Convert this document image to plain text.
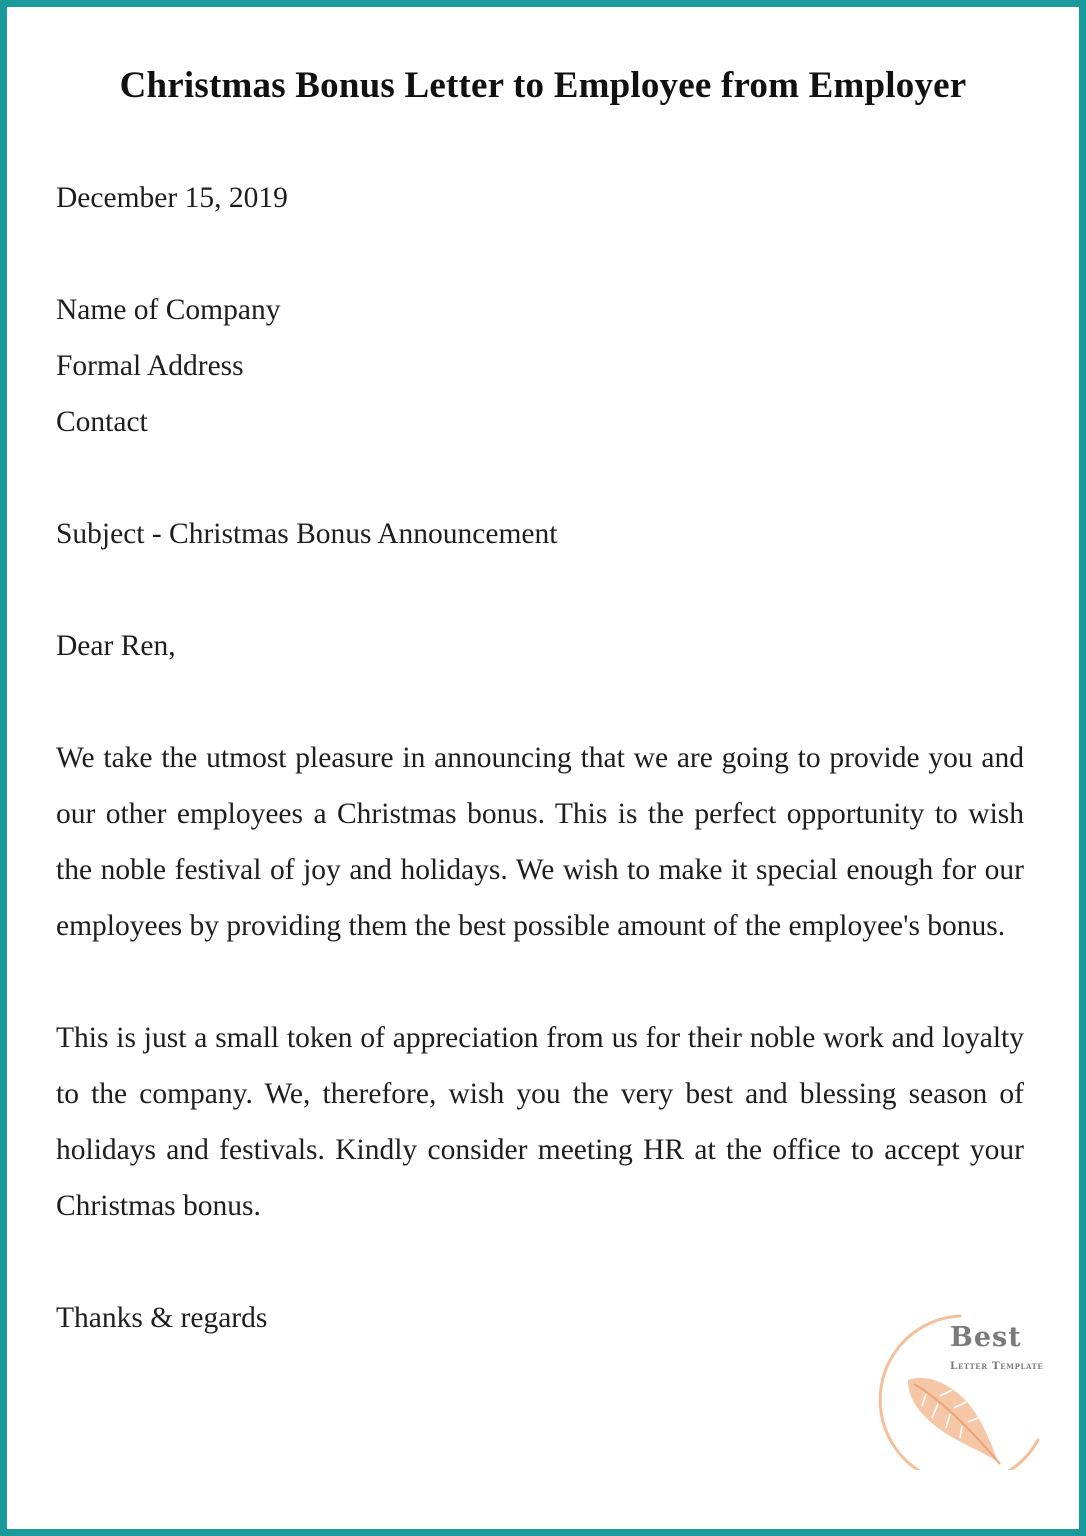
Christmas Bonus Letter to Employee from Employer
December 15, 2019
Name of Company
Formal Address
Contact
Subject - Christmas Bonus Announcement
Dear Ren,

We take the utmost pleasure in announcing that we are going to provide you and our other employees a Christmas bonus. This is the perfect opportunity to wish the noble festival of joy and holidays. We wish to make it special enough for our employees by providing them the best possible amount of the employee's bonus.

This is just a small token of appreciation from us for their noble work and loyalty to the company. We, therefore, wish you the very best and blessing season of holidays and festivals. Kindly consider meeting HR at the office to accept your Christmas bonus.

Thanks & regards
Best
Letter Template
